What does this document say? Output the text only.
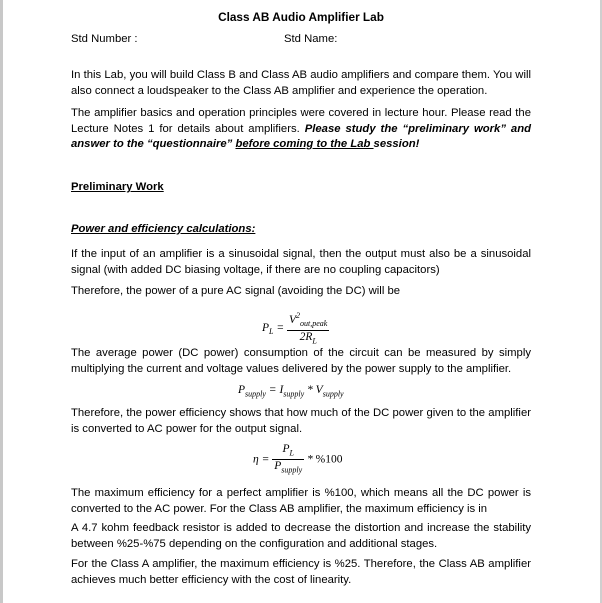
Class AB Audio Amplifier Lab
Std Number :	Std Name:
In this Lab, you will build Class B and Class AB audio amplifiers and compare them. You will also connect a loudspeaker to the Class AB amplifier and experience the operation.
The amplifier basics and operation principles were covered in lecture hour. Please read the Lecture Notes 1 for details about amplifiers. Please study the “preliminary work” and answer to the “questionnaire” before coming to the Lab session!
Preliminary Work
Power and efficiency calculations:
If the input of an amplifier is a sinusoidal signal, then the output must also be a sinusoidal signal (with added DC biasing voltage, if there are no coupling capacitors)
Therefore, the power of a pure AC signal (avoiding the DC) will be
$P_L = \frac{V^2_{out,peak}}{2R_L}$
The average power (DC power) consumption of the circuit can be measured by simply multiplying the current and voltage values delivered by the power supply to the amplifier.
$P_{supply} = I_{supply} * V_{supply}$
Therefore, the power efficiency shows that how much of the DC power given to the amplifier is converted to AC power for the output signal.
$\eta = \frac{P_L}{P_{supply}} * \%100$
The maximum efficiency for a perfect amplifier is %100, which means all the DC power is converted to the AC power. For the Class AB amplifier, the maximum efficiency is in
A 4.7 kohm feedback resistor is added to decrease the distortion and increase the stability between %25-%75 depending on the configuration and additional stages.
For the Class A amplifier, the maximum efficiency is %25. Therefore, the Class AB amplifier achieves much better efficiency with the cost of linearity.
